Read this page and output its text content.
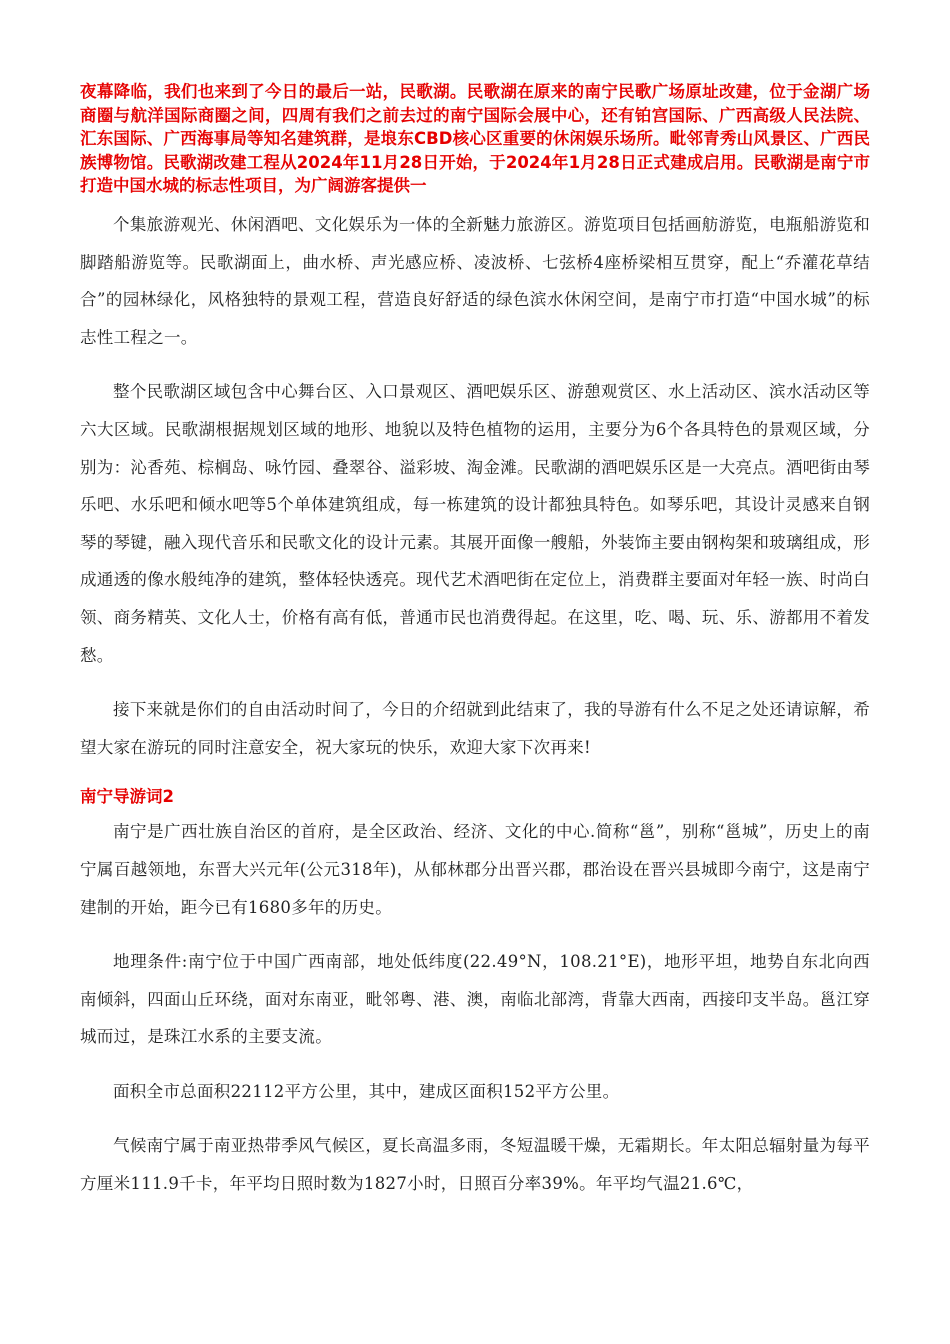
夜幕降临，我们也来到了今日的最后一站，民歌湖。民歌湖在原来的南宁民歌广场原址改建，位于金湖广场商圈与航洋国际商圈之间，四周有我们之前去过的南宁国际会展中心，还有铂宫国际、广西高级人民法院、汇东国际、广西海事局等知名建筑群，是埌东CBD核心区重要的休闲娱乐场所。毗邻青秀山风景区、广西民族博物馆。民歌湖改建工程从2024年11月28日开始，于2024年1月28日正式建成启用。民歌湖是南宁市打造中国水城的标志性项目，为广阔游客提供一

个集旅游观光、休闲酒吧、文化娱乐为一体的全新魅力旅游区。游览项目包括画舫游览，电瓶船游览和脚踏船游览等。民歌湖面上，曲水桥、声光感应桥、凌波桥、七弦桥4座桥梁相互贯穿，配上“乔灌花草结合”的园林绿化，风格独特的景观工程，营造良好舒适的绿色滨水休闲空间，是南宁市打造“中国水城”的标志性工程之一。

整个民歌湖区域包含中心舞台区、入口景观区、酒吧娱乐区、游憩观赏区、水上活动区、滨水活动区等六大区域。民歌湖根据规划区域的地形、地貌以及特色植物的运用，主要分为6个各具特色的景观区域，分别为：沁香苑、棕榈岛、咏竹园、叠翠谷、溢彩坡、淘金滩。民歌湖的酒吧娱乐区是一大亮点。酒吧街由琴乐吧、水乐吧和倾水吧等5个单体建筑组成，每一栋建筑的设计都独具特色。如琴乐吧，其设计灵感来自钢琴的琴键，融入现代音乐和民歌文化的设计元素。其展开面像一艘船，外装饰主要由钢构架和玻璃组成，形成通透的像水般纯净的建筑，整体轻快透亮。现代艺术酒吧街在定位上，消费群主要面对年轻一族、时尚白领、商务精英、文化人士，价格有高有低，普通市民也消费得起。在这里，吃、喝、玩、乐、游都用不着发愁。

接下来就是你们的自由活动时间了，今日的介绍就到此结束了，我的导游有什么不足之处还请谅解，希望大家在游玩的同时注意安全，祝大家玩的快乐，欢迎大家下次再来!

南宁导游词2

南宁是广西壮族自治区的首府，是全区政治、经济、文化的中心.简称“邕”，别称“邕城”，历史上的南宁属百越领地，东晋大兴元年(公元318年)，从郁林郡分出晋兴郡，郡治设在晋兴县城即今南宁，这是南宁建制的开始，距今已有1680多年的历史。

地理条件:南宁位于中国广西南部，地处低纬度(22.49°N，108.21°E)，地形平坦，地势自东北向西南倾斜，四面山丘环绕，面对东南亚，毗邻粤、港、澳，南临北部湾，背靠大西南，西接印支半岛。邕江穿城而过，是珠江水系的主要支流。

面积全市总面积22112平方公里，其中，建成区面积152平方公里。

气候南宁属于南亚热带季风气候区，夏长高温多雨，冬短温暖干燥，无霜期长。年太阳总辐射量为每平方厘米111.9千卡，年平均日照时数为1827小时，日照百分率39%。年平均气温21.6℃，
